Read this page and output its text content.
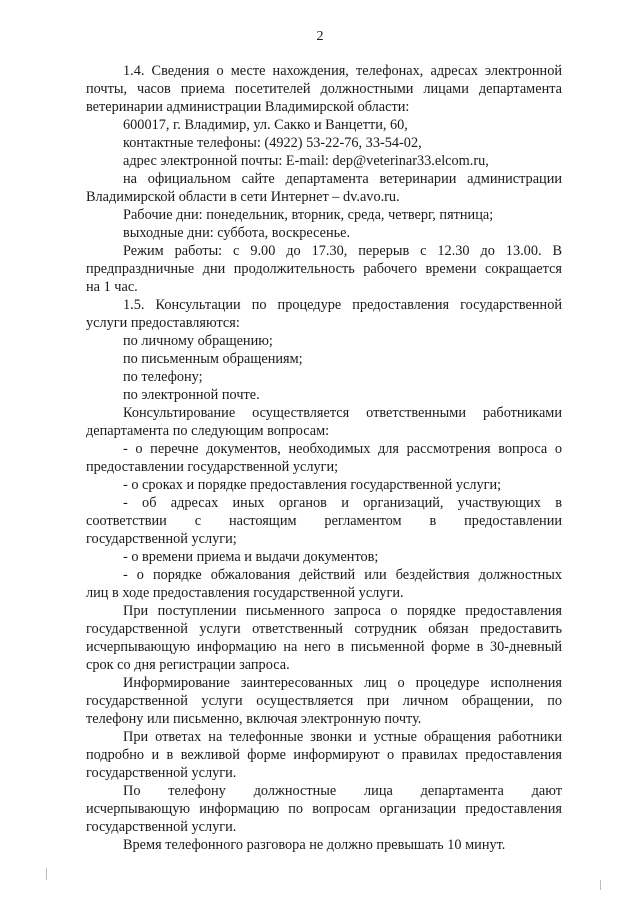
2
1.4. Сведения о месте нахождения, телефонах, адресах электронной
почты, часов приема посетителей должностными лицами департамента
ветеринарии администрации Владимирской области:
600017, г. Владимир, ул. Сакко и Ванцетти, 60,
контактные телефоны: (4922) 53-22-76, 33-54-02,
адрес электронной почты: E-mail: dep@veterinar33.elcom.ru,
на официальном сайте департамента ветеринарии администрации
Владимирской области в сети Интернет – dv.avo.ru.
Рабочие дни: понедельник, вторник, среда, четверг, пятница;
выходные дни: суббота, воскресенье.
Режим работы: с 9.00 до 17.30, перерыв с 12.30 до 13.00. В
предпраздничные дни продолжительность рабочего времени сокращается
на 1 час.
1.5. Консультации по процедуре предоставления государственной
услуги предоставляются:
по личному обращению;
по письменным обращениям;
по телефону;
по электронной почте.
Консультирование осуществляется ответственными работниками
департамента по следующим вопросам:
- о перечне документов, необходимых для рассмотрения вопроса о
предоставлении государственной услуги;
- о сроках и порядке предоставления государственной услуги;
- об адресах иных органов и организаций, участвующих в
соответствии с настоящим регламентом в предоставлении
государственной услуги;
- о времени приема и выдачи документов;
- о порядке обжалования действий или бездействия должностных
лиц в ходе предоставления государственной услуги.
При поступлении письменного запроса о порядке предоставления
государственной услуги ответственный сотрудник обязан предоставить
исчерпывающую информацию на него в письменной форме в 30-дневный
срок со дня регистрации запроса.
Информирование заинтересованных лиц о процедуре исполнения
государственной услуги осуществляется при личном обращении, по
телефону или письменно, включая электронную почту.
При ответах на телефонные звонки и устные обращения работники
подробно и в вежливой форме информируют о правилах предоставления
государственной услуги.
По телефону должностные лица департамента дают
исчерпывающую информацию по вопросам организации предоставления
государственной услуги.
Время телефонного разговора не должно превышать 10 минут.
